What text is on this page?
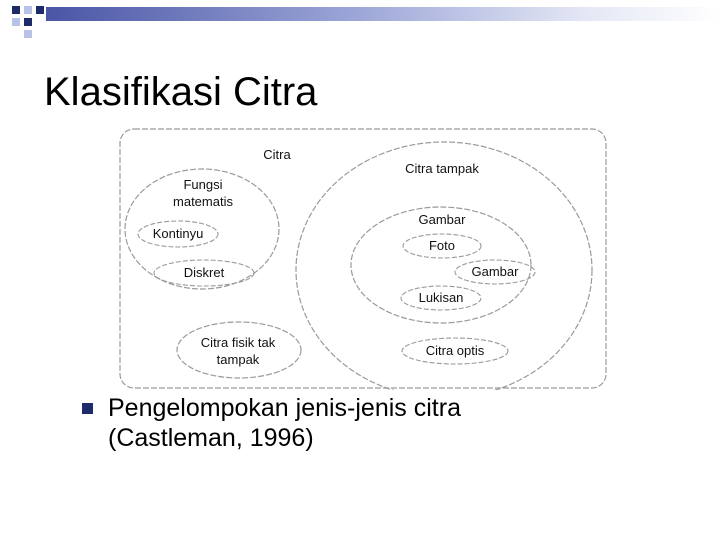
Klasifikasi Citra
Citra
Fungsi
matematis
Kontinyu
Diskret
Citra fisik tak
tampak
Citra tampak
Gambar
Foto
Gambar
Lukisan
Citra optis
Pengelompokan jenis-jenis citra
(Castleman, 1996)
